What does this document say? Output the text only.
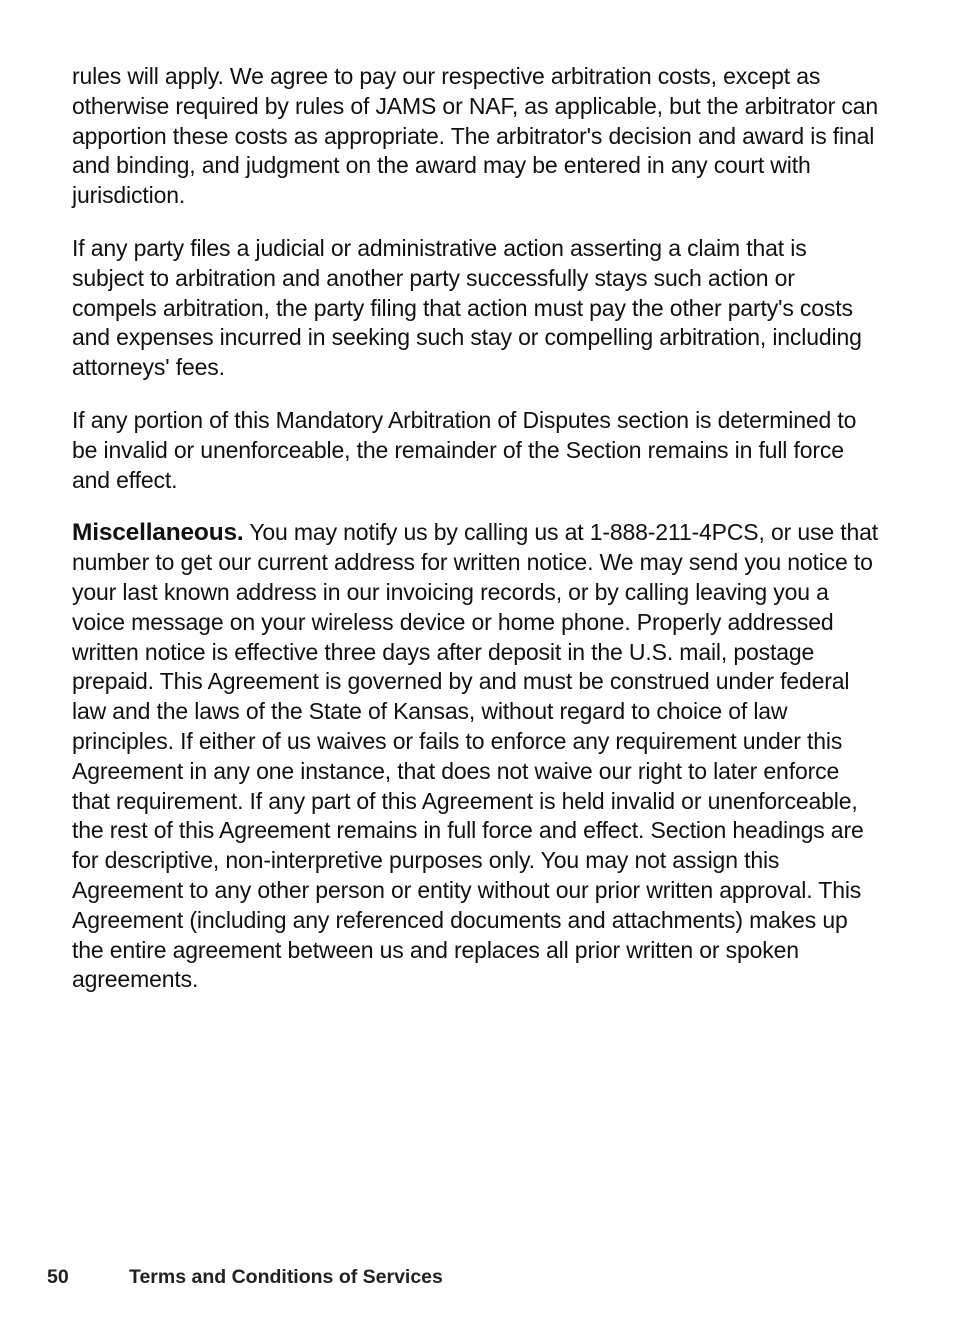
rules will apply. We agree to pay our respective arbitration costs, except as otherwise required by rules of JAMS or NAF, as applicable, but the arbitrator can apportion these costs as appropriate. The arbitrator's decision and award is final and binding, and judgment on the award may be entered in any court with jurisdiction.

If any party files a judicial or administrative action asserting a claim that is subject to arbitration and another party successfully stays such action or compels arbitration, the party filing that action must pay the other party's costs and expenses incurred in seeking such stay or compelling arbitration, including attorneys' fees.

If any portion of this Mandatory Arbitration of Disputes section is determined to be invalid or unenforceable, the remainder of the Section remains in full force and effect.

Miscellaneous. You may notify us by calling us at 1-888-211-4PCS, or use that number to get our current address for written notice. We may send you notice to your last known address in our invoicing records, or by calling leaving you a voice message on your wireless device or home phone. Properly addressed written notice is effective three days after deposit in the U.S. mail, postage prepaid. This Agreement is governed by and must be construed under federal law and the laws of the State of Kansas, without regard to choice of law principles. If either of us waives or fails to enforce any requirement under this Agreement in any one instance, that does not waive our right to later enforce that requirement. If any part of this Agreement is held invalid or unenforceable, the rest of this Agreement remains in full force and effect. Section headings are for descriptive, non-interpretive purposes only. You may not assign this Agreement to any other person or entity without our prior written approval. This Agreement (including any referenced documents and attachments) makes up the entire agreement between us and replaces all prior written or spoken agreements.

50	Terms and Conditions of Services
